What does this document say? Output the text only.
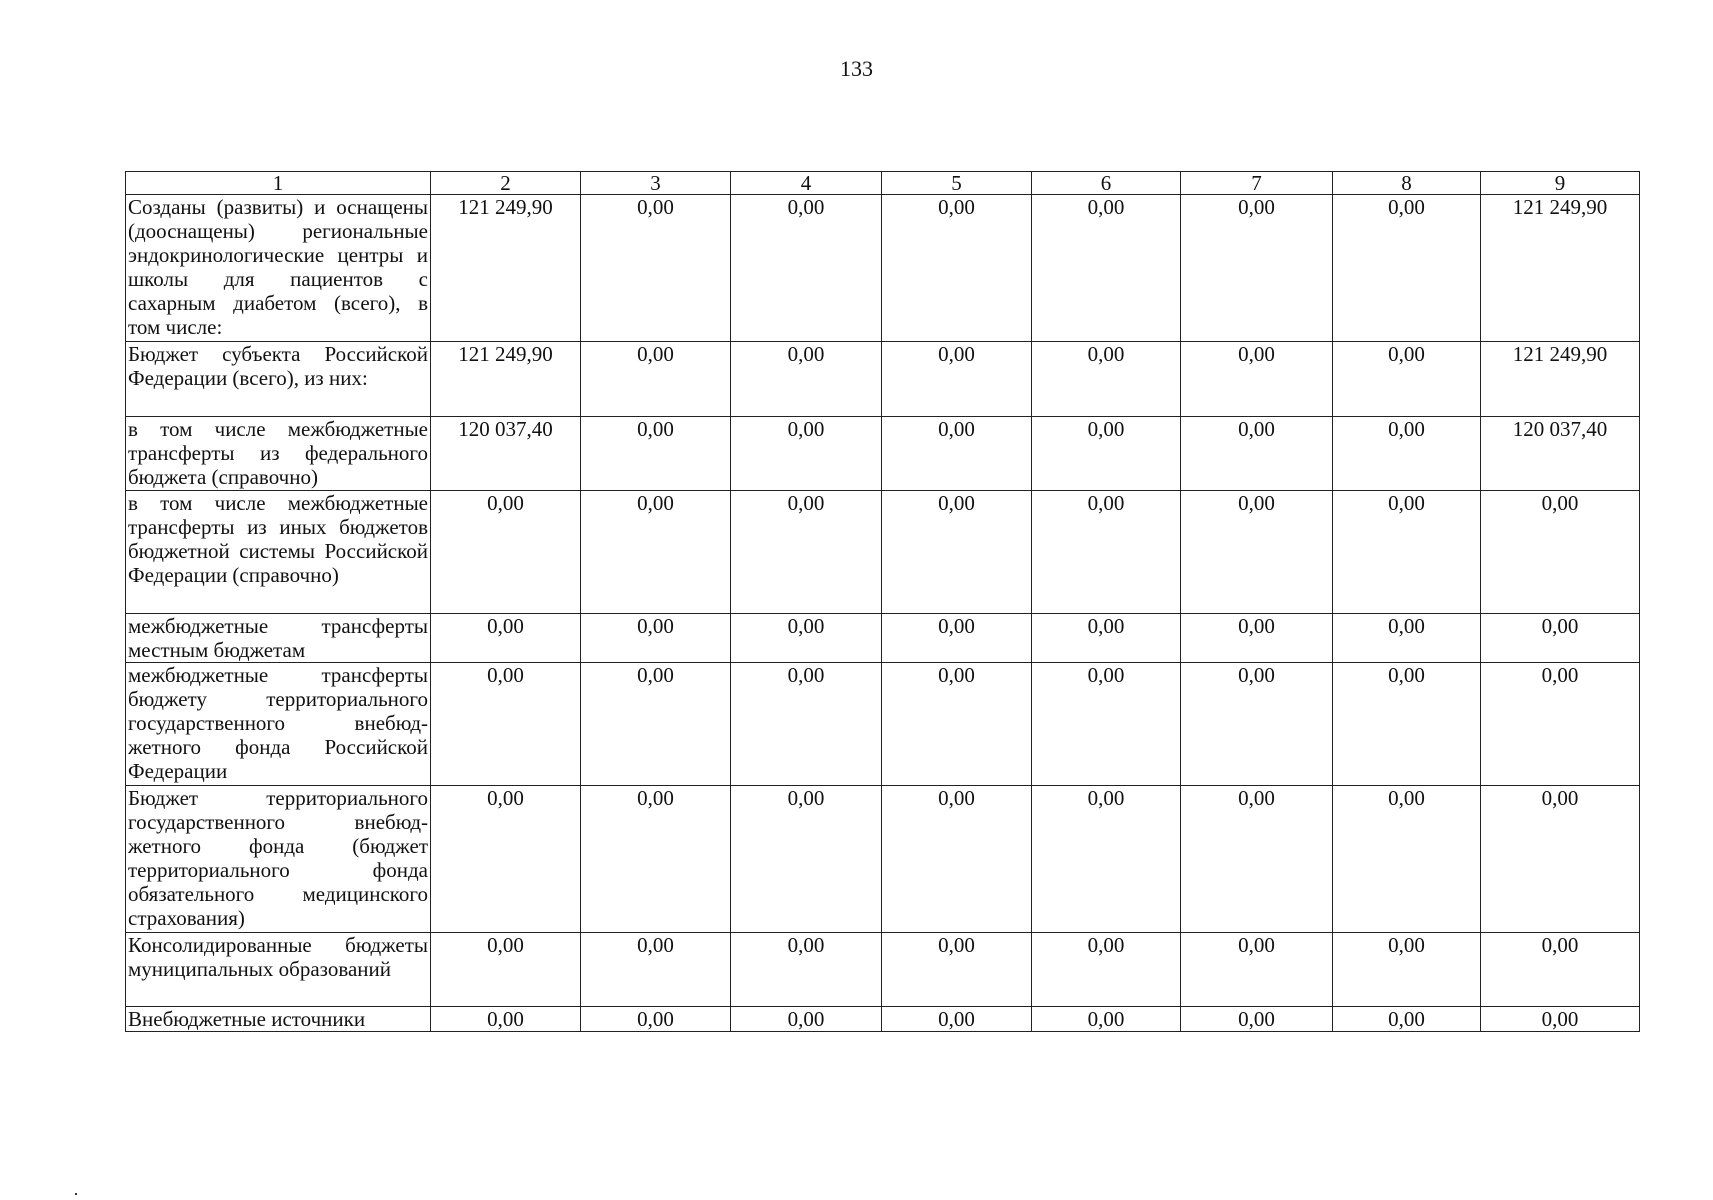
133
1	2	3	4	5	6	7	8	9
Созданы (развиты) и оснащены (дооснащены) региональные эндокринологические центры и школы для пациентов с сахарным диабетом (всего), в том числе:	121 249,90	0,00	0,00	0,00	0,00	0,00	0,00	121 249,90
Бюджет субъекта Российской Федерации (всего), из них:	121 249,90	0,00	0,00	0,00	0,00	0,00	0,00	121 249,90
в том числе межбюджетные трансферты из федерального бюджета (справочно)	120 037,40	0,00	0,00	0,00	0,00	0,00	0,00	120 037,40
в том числе межбюджетные трансферты из иных бюджетов бюджетной системы Российской Федерации (справочно)	0,00	0,00	0,00	0,00	0,00	0,00	0,00	0,00
межбюджетные трансферты местным бюджетам	0,00	0,00	0,00	0,00	0,00	0,00	0,00	0,00
межбюджетные трансферты бюджету территориального государственного внебюджетного фонда Российской Федерации	0,00	0,00	0,00	0,00	0,00	0,00	0,00	0,00
Бюджет территориального государственного внебюджетного фонда (бюджет территориального фонда обязательного медицинского страхования)	0,00	0,00	0,00	0,00	0,00	0,00	0,00	0,00
Консолидированные бюджеты муниципальных образований	0,00	0,00	0,00	0,00	0,00	0,00	0,00	0,00
Внебюджетные источники	0,00	0,00	0,00	0,00	0,00	0,00	0,00	0,00
